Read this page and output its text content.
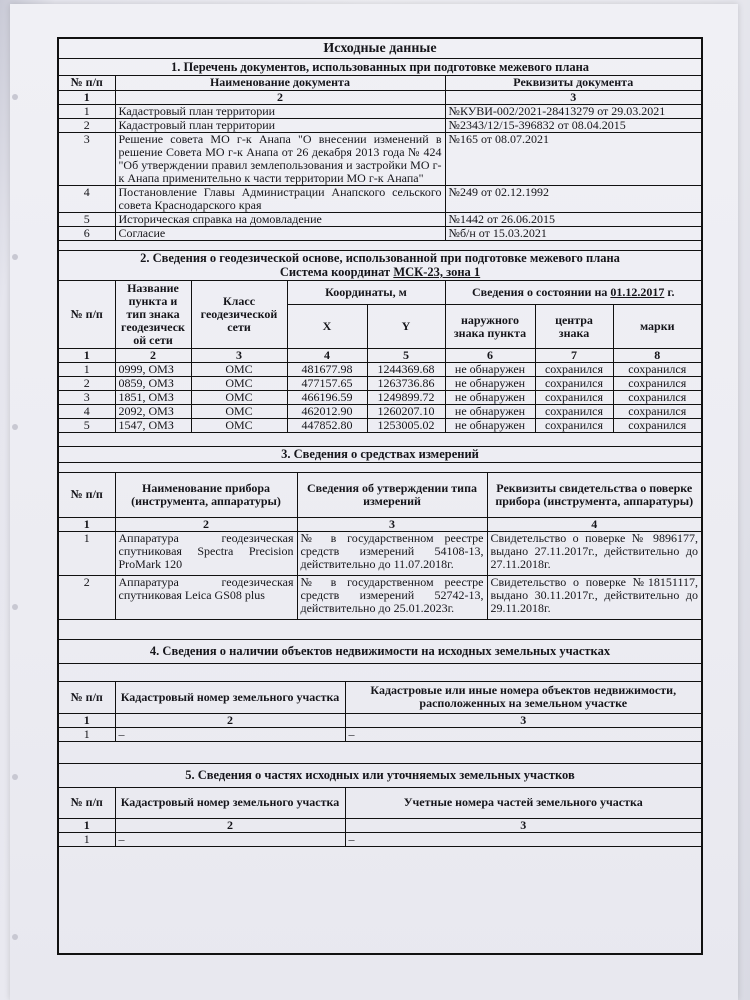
Исходные данные
1. Перечень документов, использованных при подготовке межевого плана
№ п/п	Наименование документа	Реквизиты документа
1	2	3
1	Кадастровый план территории	№КУВИ-002/2021-28413279 от 29.03.2021
2	Кадастровый план территории	№2343/12/15-396832 от 08.04.2015
3	Решение совета МО г-к Анапа "О внесении изменений в решение Совета МО г-к Анапа от 26 декабря 2013 года № 424 "Об утверждении правил землепользования и застройки МО г-к Анапа применительно к части территории МО г-к Анапа"	№165 от 08.07.2021
4	Постановление Главы Администрации Анапского сельского совета Краснодарского края	№249 от 02.12.1992
5	Историческая справка на домовладение	№1442 от 26.06.2015
6	Согласие	№б/н от 15.03.2021
2. Сведения о геодезической основе, использованной при подготовке межевого плана
Система координат МСК-23, зона 1
№ п/п	Название пункта и тип знака геодезическ ой сети	Класс геодезической сети	Координаты, м		Сведения о состоянии на 01.12.2017 г.		
			X	Y	наружного знака пункта	центра знака	марки
1	2	3	4	5	6	7	8
1	0999, ОМЗ	ОМС	481677.98	1244369.68	не обнаружен	сохранился	сохранился
2	0859, ОМЗ	ОМС	477157.65	1263736.86	не обнаружен	сохранился	сохранился
3	1851, ОМЗ	ОМС	466196.59	1249899.72	не обнаружен	сохранился	сохранился
4	2092, ОМЗ	ОМС	462012.90	1260207.10	не обнаружен	сохранился	сохранился
5	1547, ОМЗ	ОМС	447852.80	1253005.02	не обнаружен	сохранился	сохранился
3. Сведения о средствах измерений
№ п/п	Наименование прибора (инструмента, аппаратуры)	Сведения об утверждении типа измерений	Реквизиты свидетельства о поверке прибора (инструмента, аппаратуры)
1	2	3	4
1	Аппаратура геодезическая спутниковая Spectra Precision ProMark 120	№ в государственном реестре средств измерений 54108-13, действительно до 11.07.2018г.	Свидетельство о поверке № 9896177, выдано 27.11.2017г., действительно до 27.11.2018г.
2	Аппаратура геодезическая спутниковая Leica GS08 plus	№ в государственном реестре средств измерений 52742-13, действительно до 25.01.2023г.	Свидетельство о поверке №18151117, выдано 30.11.2017г., действительно до 29.11.2018г.
4. Сведения о наличии объектов недвижимости на исходных земельных участках
№ п/п	Кадастровый номер земельного участка	Кадастровые или иные номера объектов недвижимости, расположенных на земельном участке
1	2	3
1	–	–
5. Сведения о частях исходных или уточняемых земельных участков
№ п/п	Кадастровый номер земельного участка	Учетные номера частей земельного участка
1	2	3
1	–	–
